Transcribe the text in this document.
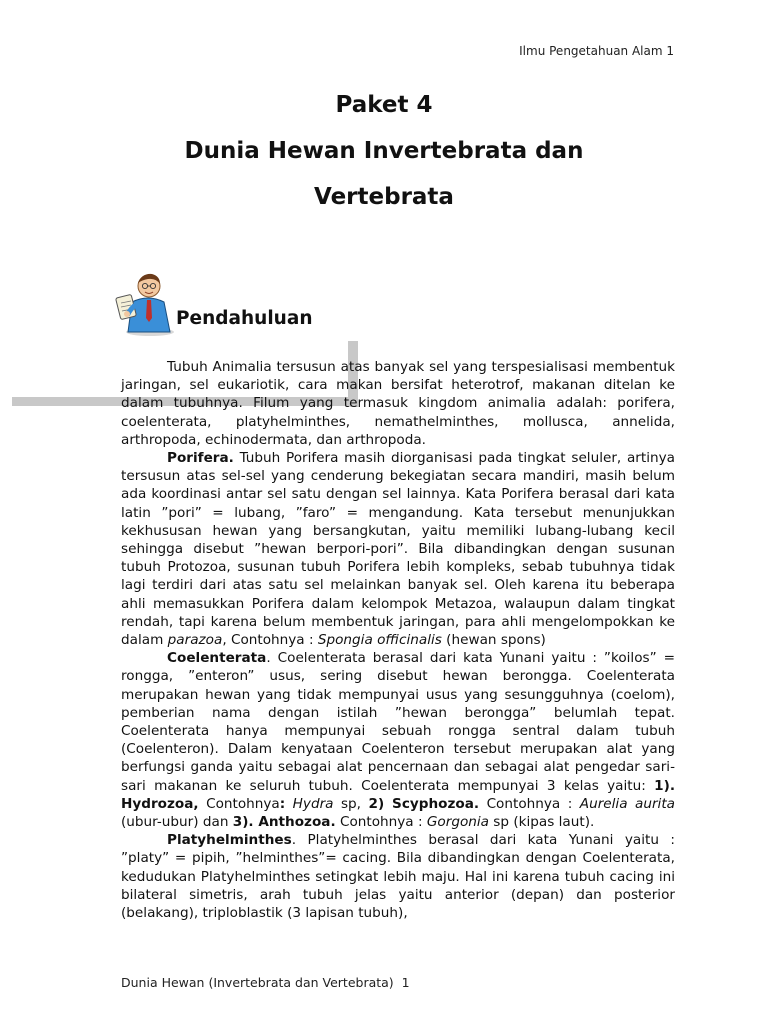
Ilmu Pengetahuan Alam 1
Paket 4
Dunia Hewan Invertebrata dan
Vertebrata
Pendahuluan

Tubuh Animalia tersusun atas banyak sel yang terspesialisasi membentuk jaringan, sel eukariotik, cara makan bersifat heterotrof, makanan ditelan ke dalam tubuhnya. Filum yang termasuk kingdom animalia adalah: porifera, coelenterata, platyhelminthes, nemathelminthes, mollusca, annelida, arthropoda, echinodermata, dan arthropoda.

Porifera. Tubuh Porifera masih diorganisasi pada tingkat seluler, artinya tersusun atas sel-sel yang cenderung bekegiatan secara mandiri, masih belum ada koordinasi antar sel satu dengan sel lainnya. Kata Porifera berasal dari kata latin ”pori” = lubang, ”faro” = mengandung. Kata tersebut menunjukkan kekhususan hewan yang bersangkutan, yaitu memiliki lubang-lubang kecil sehingga disebut ”hewan berpori-pori”. Bila dibandingkan dengan susunan tubuh Protozoa, susunan tubuh Porifera lebih kompleks, sebab tubuhnya tidak lagi terdiri dari atas satu sel melainkan banyak sel. Oleh karena itu beberapa ahli memasukkan Porifera dalam kelompok Metazoa, walaupun dalam tingkat rendah, tapi karena belum membentuk jaringan, para ahli mengelompokkan ke dalam parazoa, Contohnya : Spongia officinalis (hewan spons)

Coelenterata. Coelenterata berasal dari kata Yunani yaitu : ”koilos” = rongga, ”enteron” usus, sering disebut hewan berongga. Coelenterata merupakan hewan yang tidak mempunyai usus yang sesungguhnya (coelom), pemberian nama dengan istilah ”hewan berongga” belumlah tepat. Coelenterata hanya mempunyai sebuah rongga sentral dalam tubuh (Coelenteron). Dalam kenyataan Coelenteron tersebut merupakan alat yang berfungsi ganda yaitu sebagai alat pencernaan dan sebagai alat pengedar sari-sari makanan ke seluruh tubuh. Coelenterata mempunyai 3 kelas yaitu: 1). Hydrozoa, Contohnya: Hydra sp, 2) Scyphozoa. Contohnya : Aurelia aurita (ubur-ubur) dan 3). Anthozoa. Contohnya : Gorgonia sp (kipas laut).

Platyhelminthes. Platyhelminthes berasal dari kata Yunani yaitu : ”platy” = pipih, ”helminthes”= cacing. Bila dibandingkan dengan Coelenterata, kedudukan Platyhelminthes setingkat lebih maju. Hal ini karena tubuh cacing ini bilateral simetris, arah tubuh jelas yaitu anterior (depan) dan posterior (belakang), triploblastik (3 lapisan tubuh),

Dunia Hewan (Invertebrata dan Vertebrata) 1
